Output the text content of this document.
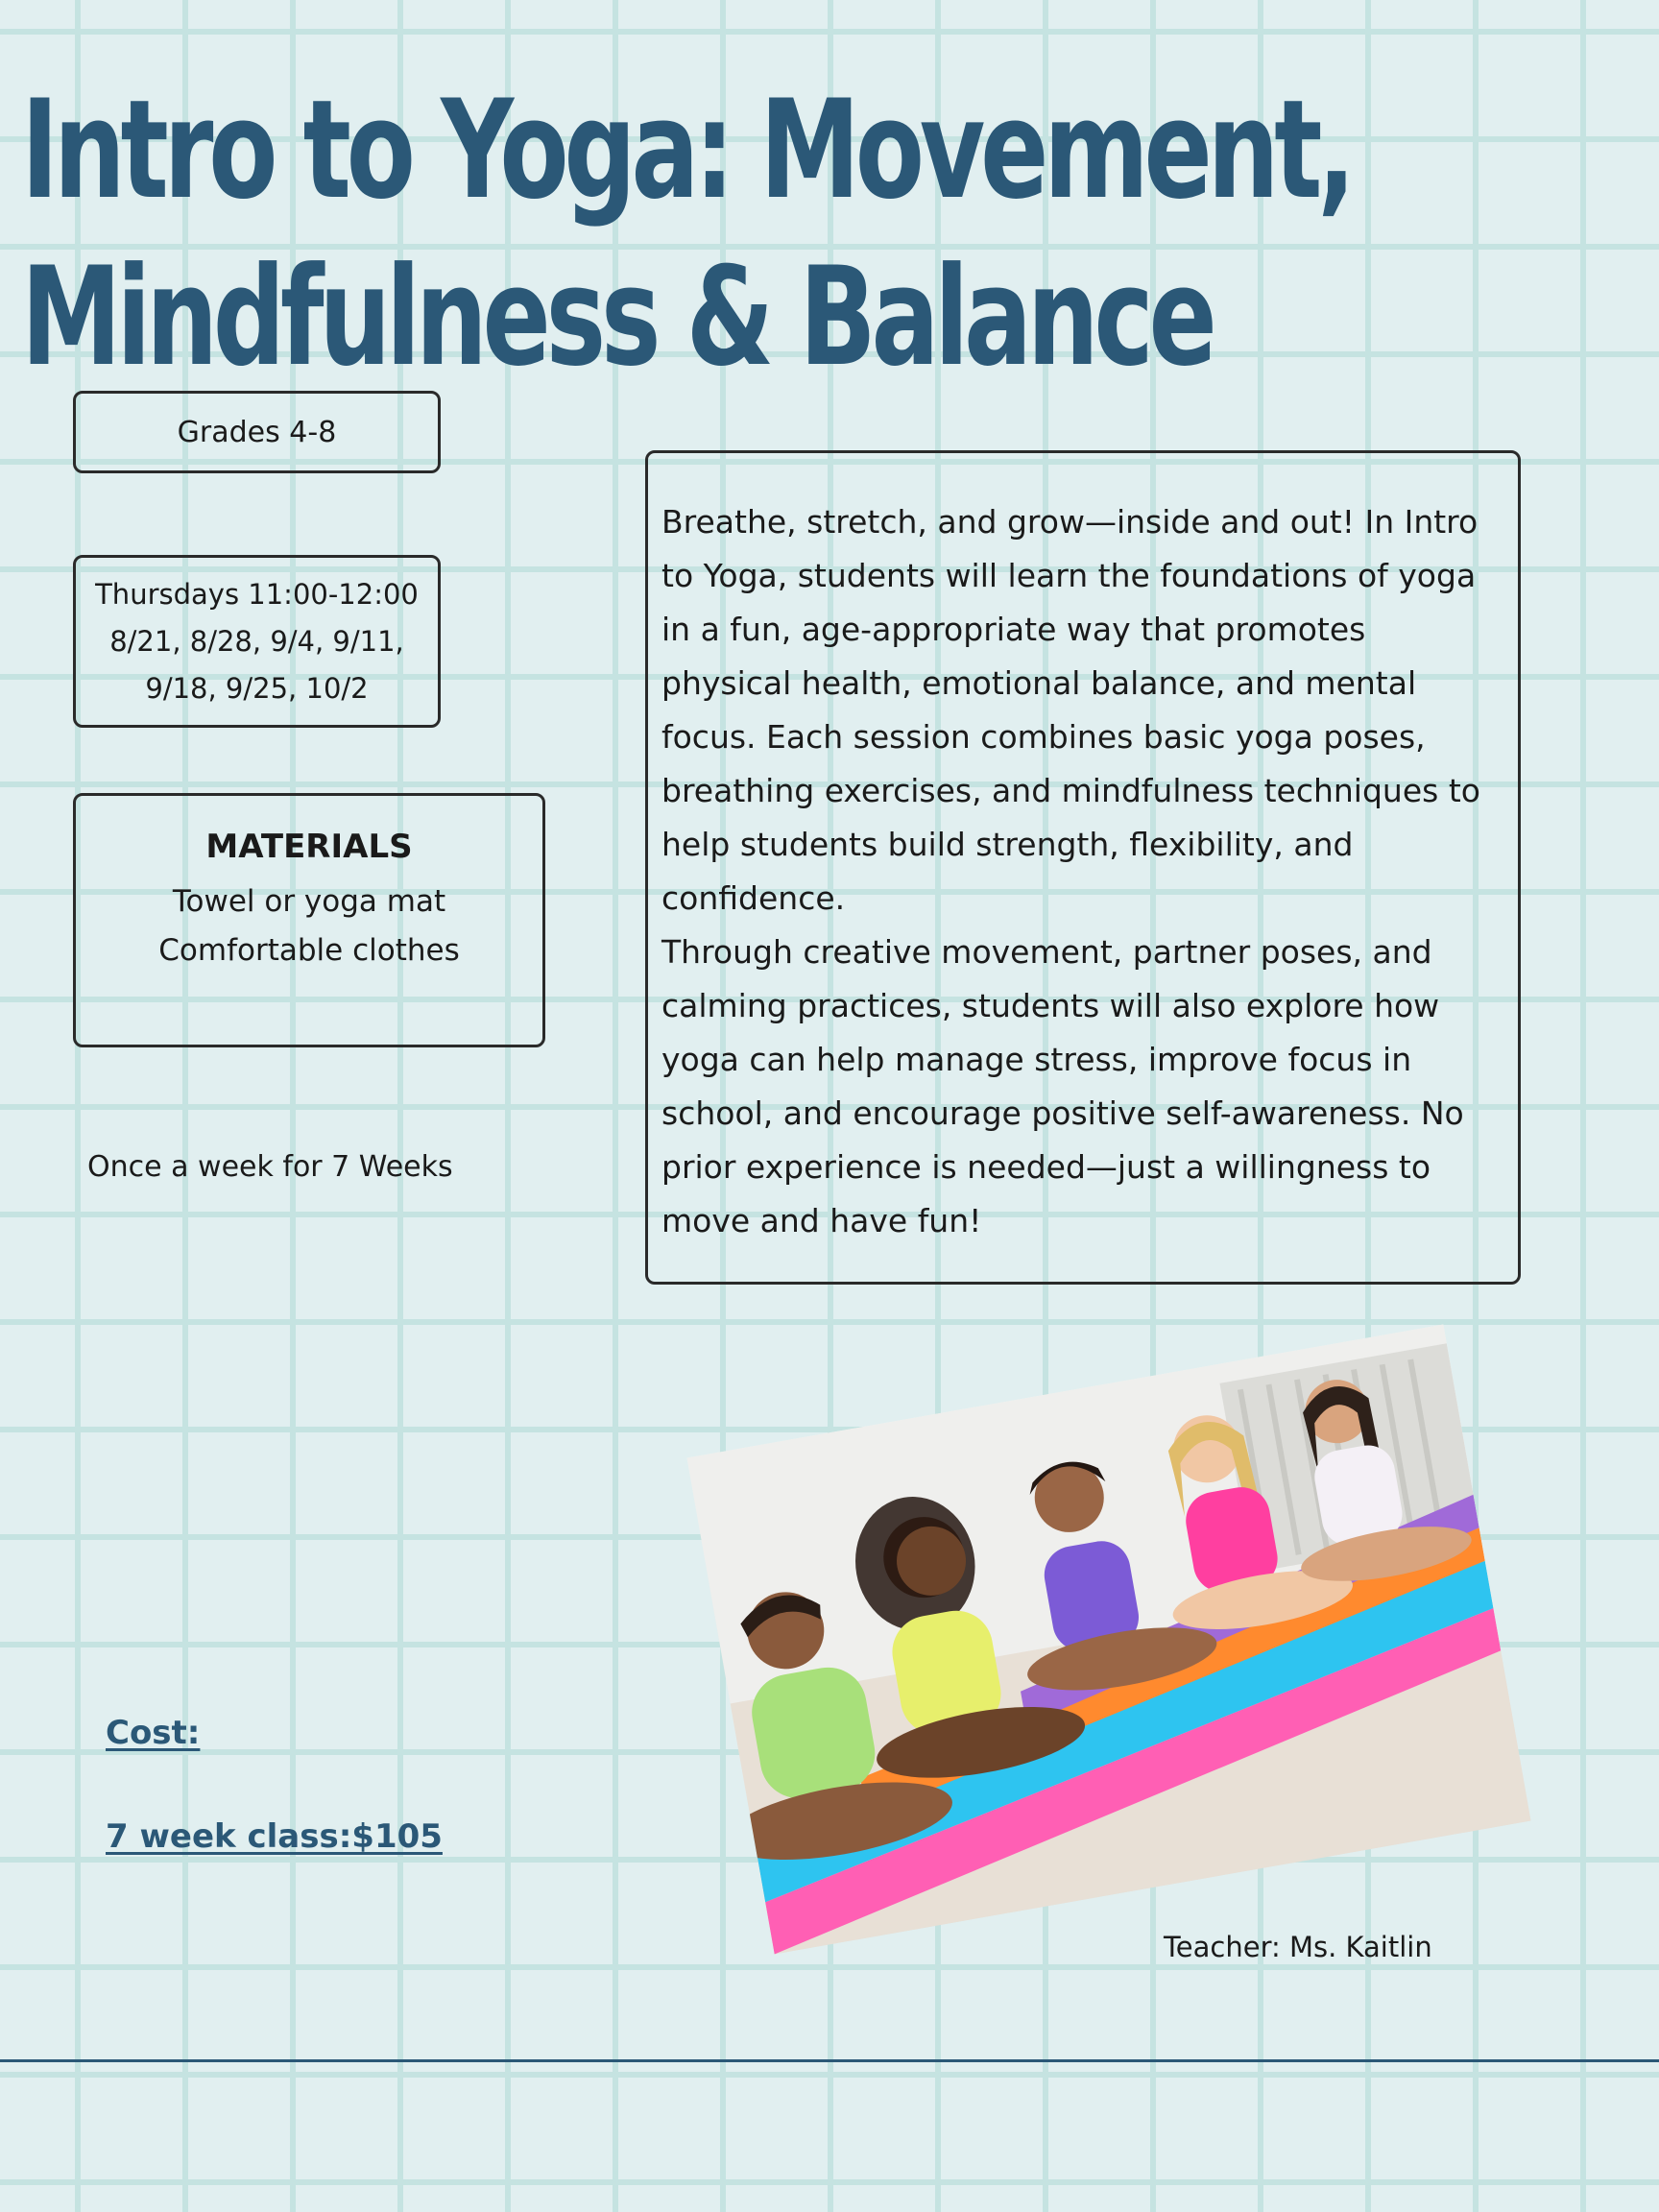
Intro to Yoga: Movement,
Mindfulness & Balance
Grades 4-8
Thursdays 11:00-12:00
8/21, 8/28, 9/4, 9/11,
9/18, 9/25, 10/2
MATERIALS
Towel or yoga mat
Comfortable clothes
Once a week for 7 Weeks

Breathe, stretch, and grow—inside and out! In Intro to Yoga, students will learn the foundations of yoga in a fun, age-appropriate way that promotes physical health, emotional balance, and mental focus. Each session combines basic yoga poses, breathing exercises, and mindfulness techniques to help students build strength, flexibility, and confidence.

Through creative movement, partner poses, and calming practices, students will also explore how yoga can help manage stress, improve focus in school, and encourage positive self-awareness. No prior experience is needed—just a willingness to move and have fun!

Cost:
7 week class:$105
Teacher: Ms. Kaitlin
